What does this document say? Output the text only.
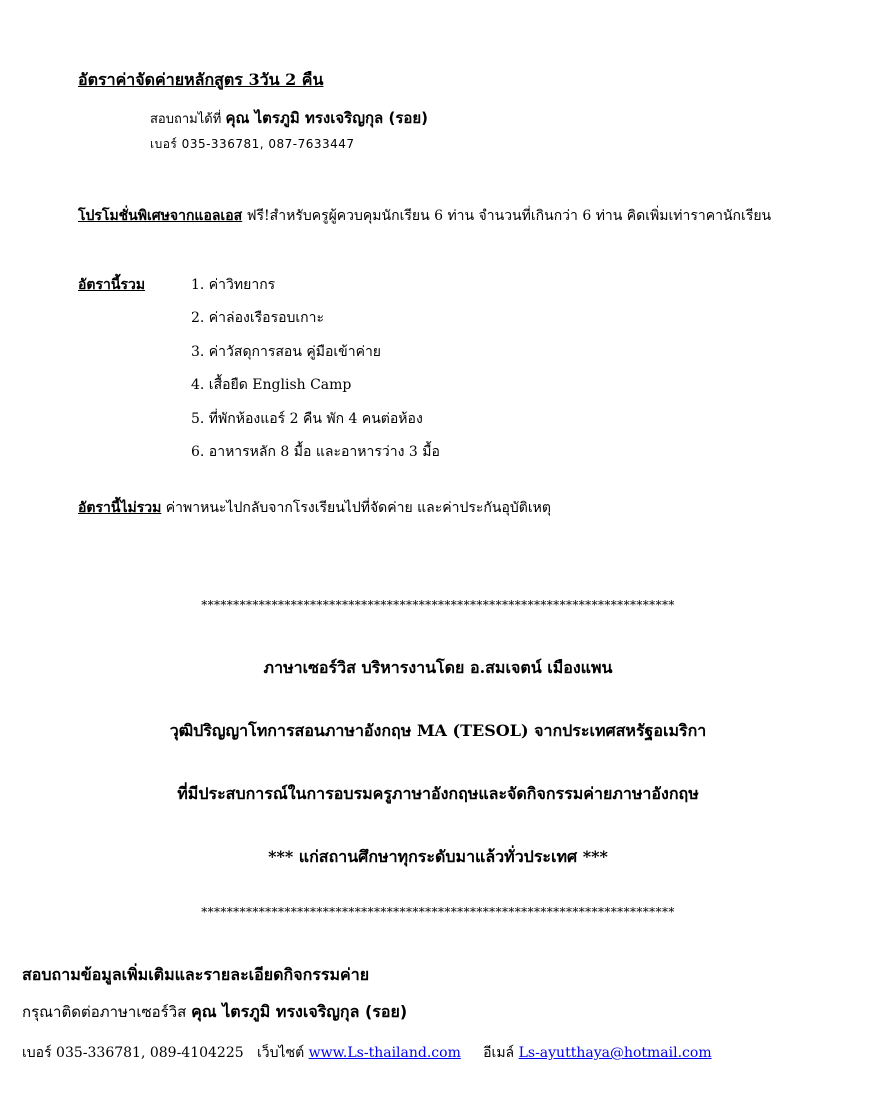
อัตราค่าจัดค่ายหลักสูตร 3วัน 2 คืน
สอบถามได้ที่ คุณ ไตรภูมิ ทรงเจริญกุล (รอย)
เบอร์ 035-336781, 087-7633447
โปรโมชั่นพิเศษจากแอลเอส ฟรี!สำหรับครูผู้ควบคุมนักเรียน 6 ท่าน จำนวนที่เกินกว่า 6 ท่าน คิดเพิ่มเท่าราคานักเรียน
อัตรานี้รวม	1. ค่าวิทยากร
2. ค่าล่องเรือรอบเกาะ
3. ค่าวัสดุการสอน คู่มือเข้าค่าย
4. เสื้อยืด English Camp
5. ที่พักห้องแอร์ 2 คืน พัก 4 คนต่อห้อง
6. อาหารหลัก 8 มื้อ และอาหารว่าง 3 มื้อ
อัตรานี้ไม่รวม ค่าพาหนะไปกลับจากโรงเรียนไปที่จัดค่าย และค่าประกันอุบัติเหตุ
**************************************************************************
ภาษาเซอร์วิส บริหารงานโดย อ.สมเจตน์ เมืองแพน
วุฒิปริญญาโทการสอนภาษาอังกฤษ MA (TESOL) จากประเทศสหรัฐอเมริกา
ที่มีประสบการณ์ในการอบรมครูภาษาอังกฤษและจัดกิจกรรมค่ายภาษาอังกฤษ
*** แก่สถานศึกษาทุกระดับมาแล้วทั่วประเทศ ***
**************************************************************************
สอบถามข้อมูลเพิ่มเติมและรายละเอียดกิจกรรมค่าย
กรุณาติดต่อภาษาเซอร์วิส คุณ ไตรภูมิ ทรงเจริญกุล (รอย)
เบอร์ 035-336781, 089-4104225 เว็บไซต์ www.Ls-thailand.com อีเมล์ Ls-ayutthaya@hotmail.com
